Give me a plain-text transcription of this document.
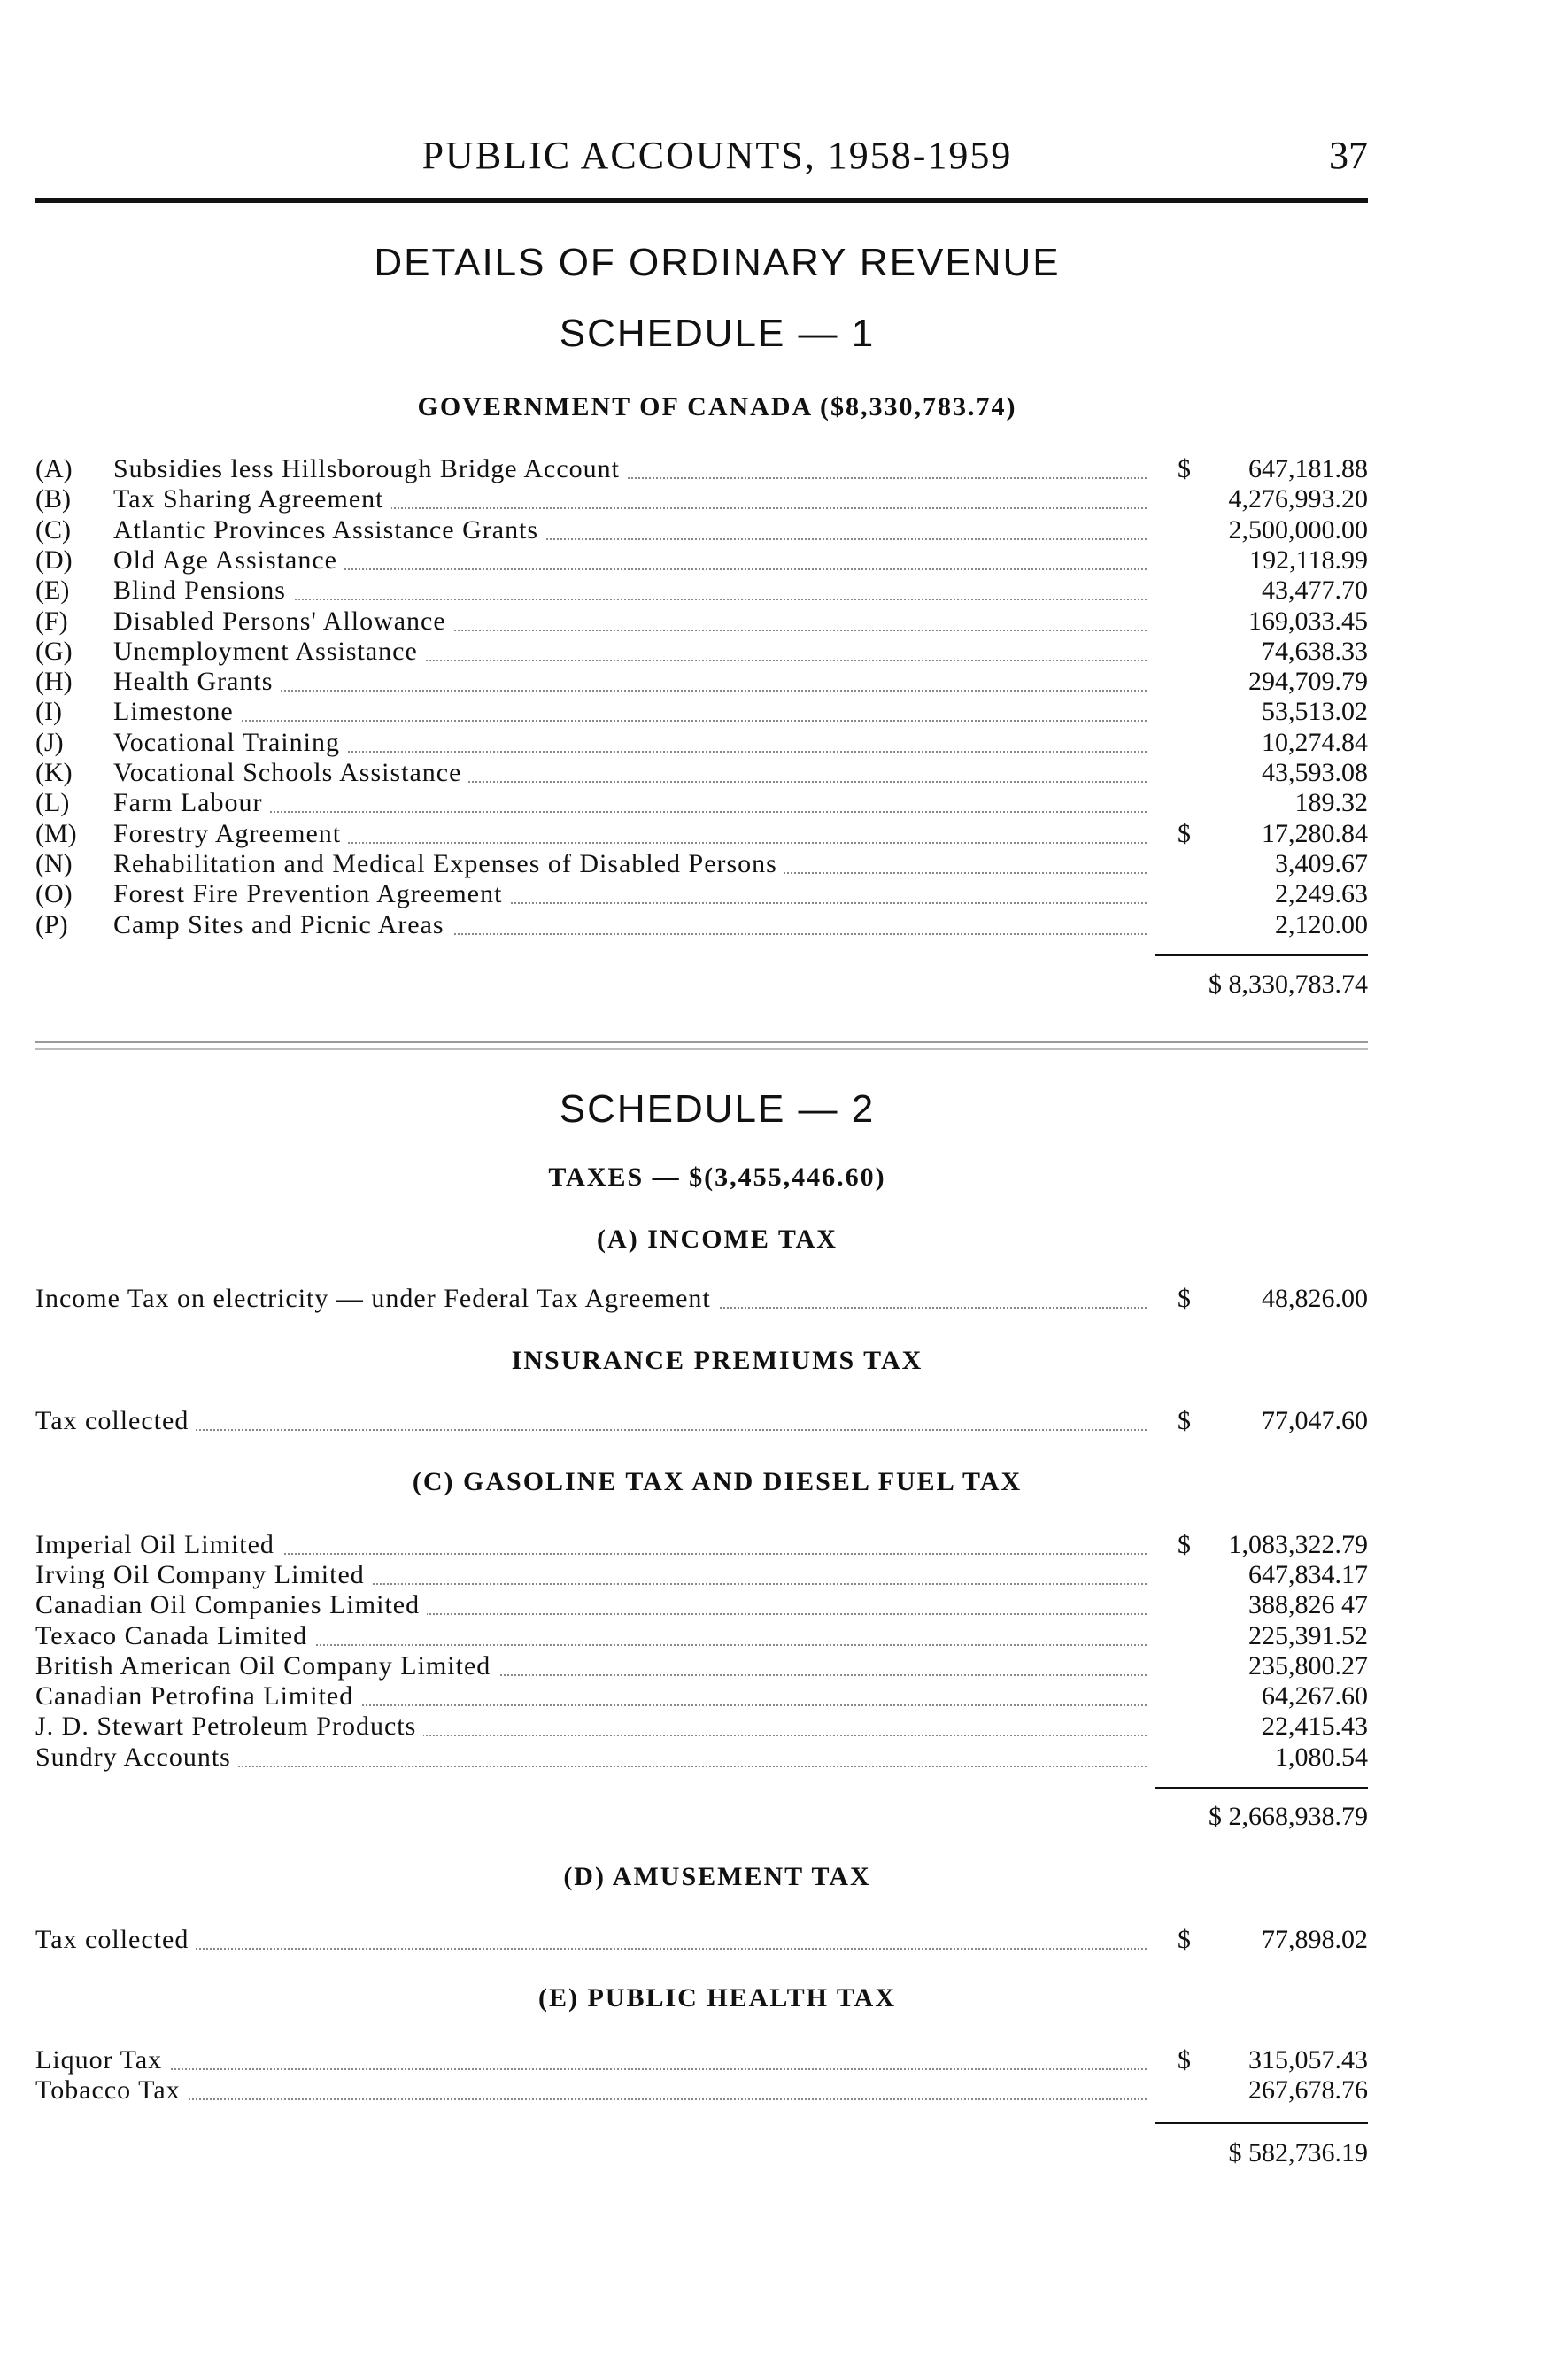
PUBLIC ACCOUNTS, 1958-1959	37
DETAILS OF ORDINARY REVENUE
SCHEDULE — 1
GOVERNMENT OF CANADA ($8,330,783.74)
(A)	Subsidies less Hillsborough Bridge Account	$	647,181.88
(B)	Tax Sharing Agreement	4,276,993.20
(C)	Atlantic Provinces Assistance Grants	2,500,000.00
(D)	Old Age Assistance	192,118.99
(E)	Blind Pensions	43,477.70
(F)	Disabled Persons' Allowance	169,033.45
(G)	Unemployment Assistance	74,638.33
(H)	Health Grants	294,709.79
(I)	Limestone	53,513.02
(J)	Vocational Training	10,274.84
(K)	Vocational Schools Assistance	43,593.08
(L)	Farm Labour	189.32
(M)	Forestry Agreement	$	17,280.84
(N)	Rehabilitation and Medical Expenses of Disabled Persons	3,409.67
(O)	Forest Fire Prevention Agreement	2,249.63
(P)	Camp Sites and Picnic Areas	2,120.00
$ 8,330,783.74
SCHEDULE — 2
TAXES — $(3,455,446.60)
(A) INCOME TAX
Income Tax on electricity — under Federal Tax Agreement	$	48,826.00
INSURANCE PREMIUMS TAX
Tax collected	$	77,047.60
(C) GASOLINE TAX AND DIESEL FUEL TAX
Imperial Oil Limited	$	1,083,322.79
Irving Oil Company Limited	647,834.17
Canadian Oil Companies Limited	388,826 47
Texaco Canada Limited	225,391.52
British American Oil Company Limited	235,800.27
Canadian Petrofina Limited	64,267.60
J. D. Stewart Petroleum Products	22,415.43
Sundry Accounts	1,080.54
$ 2,668,938.79
(D) AMUSEMENT TAX
Tax collected	$	77,898.02
(E) PUBLIC HEALTH TAX
Liquor Tax	$	315,057.43
Tobacco Tax	267,678.76
$ 582,736.19
